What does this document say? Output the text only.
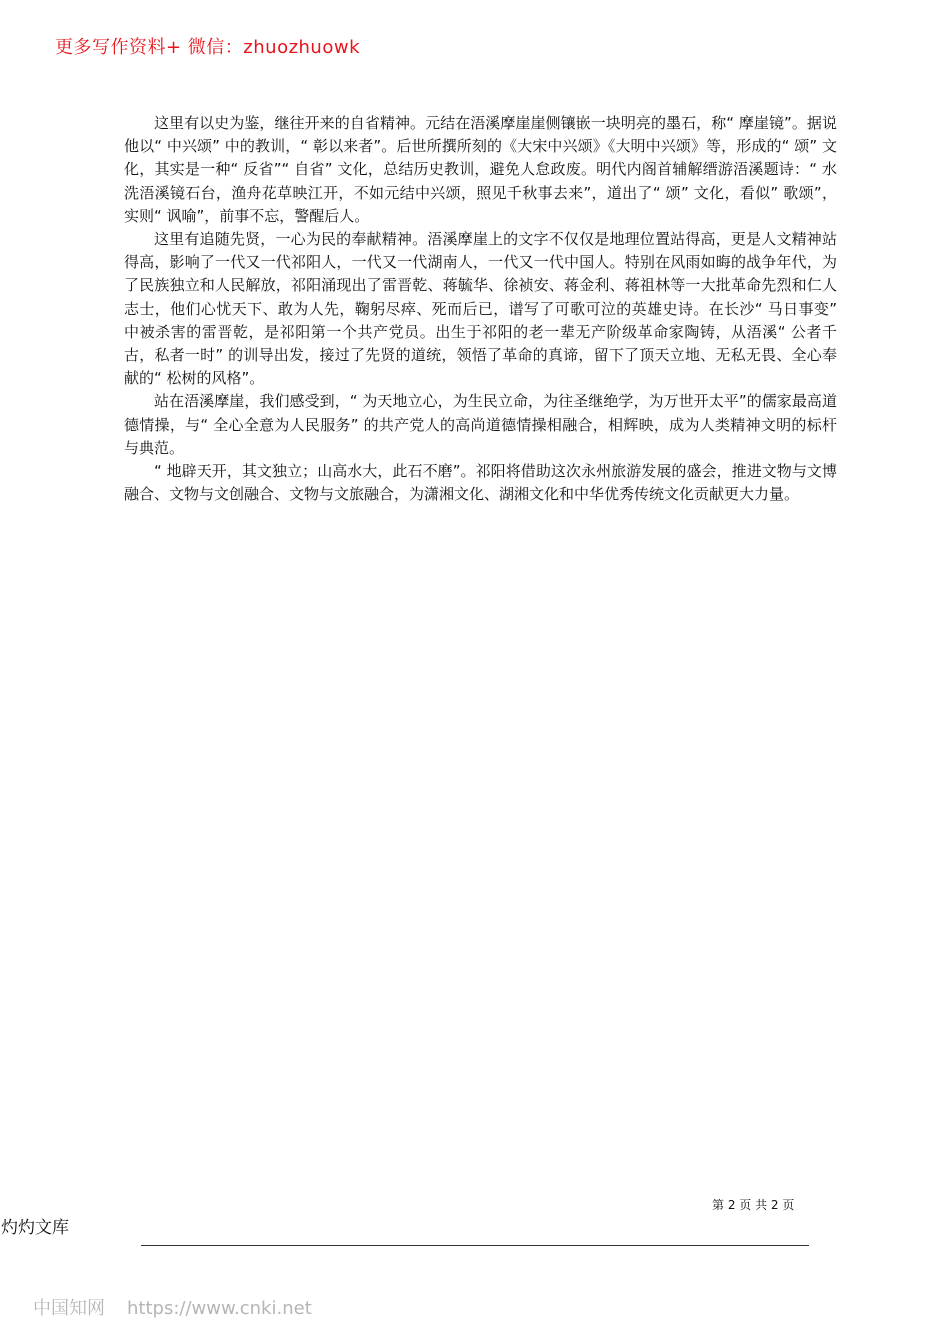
更多写作资料+ 微信：zhuozhuowk

这里有以史为鉴，继往开来的自省精神。元结在浯溪摩崖崖侧镶嵌一块明亮的墨石，称“ 摩崖镜”。据说他以“ 中兴颂” 中的教训，“ 彰以来者”。后世所撰所刻的《大宋中兴颂》《大明中兴颂》等，形成的“ 颂” 文化，其实是一种“ 反省”“ 自省” 文化，总结历史教训，避免人怠政废。明代内阁首辅解缙游浯溪题诗：“ 水洗浯溪镜石台，渔舟花草映江开，不如元结中兴颂，照见千秋事去来”，道出了“ 颂” 文化，看似” 歌颂”，实则“ 讽喻”，前事不忘，警醒后人。

这里有追随先贤，一心为民的奉献精神。浯溪摩崖上的文字不仅仅是地理位置站得高，更是人文精神站得高，影响了一代又一代祁阳人，一代又一代湖南人，一代又一代中国人。特别在风雨如晦的战争年代，为了民族独立和人民解放，祁阳涌现出了雷晋乾、蒋毓华、徐祯安、蒋金利、蒋祖林等一大批革命先烈和仁人志士，他们心忧天下、敢为人先，鞠躬尽瘁、死而后已，谱写了可歌可泣的英雄史诗。在长沙“ 马日事变” 中被杀害的雷晋乾，是祁阳第一个共产党员。出生于祁阳的老一辈无产阶级革命家陶铸，从浯溪“ 公者千古，私者一时” 的训导出发，接过了先贤的道统，领悟了革命的真谛，留下了顶天立地、无私无畏、全心奉献的“ 松树的风格”。

站在浯溪摩崖，我们感受到，“ 为天地立心，为生民立命，为往圣继绝学，为万世开太平”的儒家最高道德情操，与“ 全心全意为人民服务” 的共产党人的高尚道德情操相融合，相辉映，成为人类精神文明的标杆与典范。

“ 地辟天开，其文独立；山高水大，此石不磨”。祁阳将借助这次永州旅游发展的盛会，推进文物与文博融合、文物与文创融合、文物与文旅融合，为潇湘文化、湖湘文化和中华优秀传统文化贡献更大力量。

第 2 页 共 2 页
灼灼文库
中国知网 https://www.cnki.net
